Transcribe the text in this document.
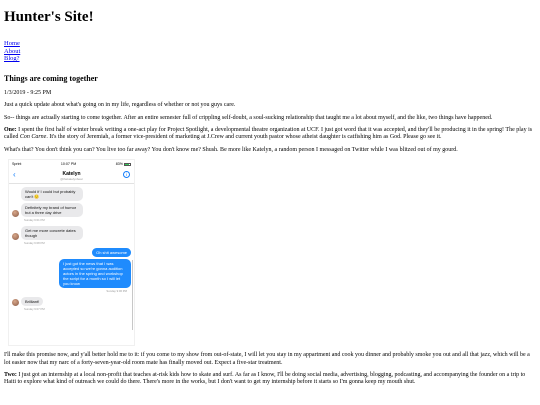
Hunter's Site!
Home
About
Blog?
Things are coming together

1/3/2019 - 9:25 PM

Just a quick update about what's going on in my life, regardless of whether or not you guys care.

So-- things are actually starting to come together. After an entire semester full of crippling self-doubt, a soul-sucking relationship that taught me a lot about myself, and the like, two things have happened.

One: I spent the first half of winter break writing a one-act play for Project Spotlight, a developmental theatre organization at UCF. I just got word that it was accepted, and they'll be producing it in the spring! The play is called Con Carne. It's the story of Jeremiah, a former vice-president of marketing at J.Crew and current youth pastor whose atheist daughter is catfishing him as God. Please go see it.

What's that? You don't think you can? You live too far away? You don't know me? Shush. Be more like Katelyn, a random person I messaged on Twitter while I was blitzed out of my gourd.

Sprint	10:07 PM	83%
‹	Katelyn
@thekatelynbear
i
Would if I could but probably can't 🙂
Definitely my brand of humor but a three day drive
Sunday 6:01 PM
Get me more concrete dates though
Sunday 6:08 PM
Oh shit awesome
I just got the news that I was accepted so we're gonna audition actors in the spring and workshop the script for a month so I will let you know
Sunday 9:06 PM
Brilliant!
Sunday 9:07 PM

I'll make this promise now, and y'all better hold me to it: if you come to my show from out-of-state, I will let you stay in my appartment and cook you dinner and probably smoke you out and all that jazz, which will be a lot easier now that my narc of a forty-seven-year-old room mate has finally moved out. Expect a five-star treatment.

Two: I just got an internship at a local non-profit that teaches at-risk kids how to skate and surf. As far as I know, I'll be doing social media, advertising, blogging, podcasting, and accompanying the founder on a trip to Haiti to explore what kind of outreach we could do there. There's more in the works, but I don't want to get my internship before it starts so I'm gonna keep my mouth shut.
